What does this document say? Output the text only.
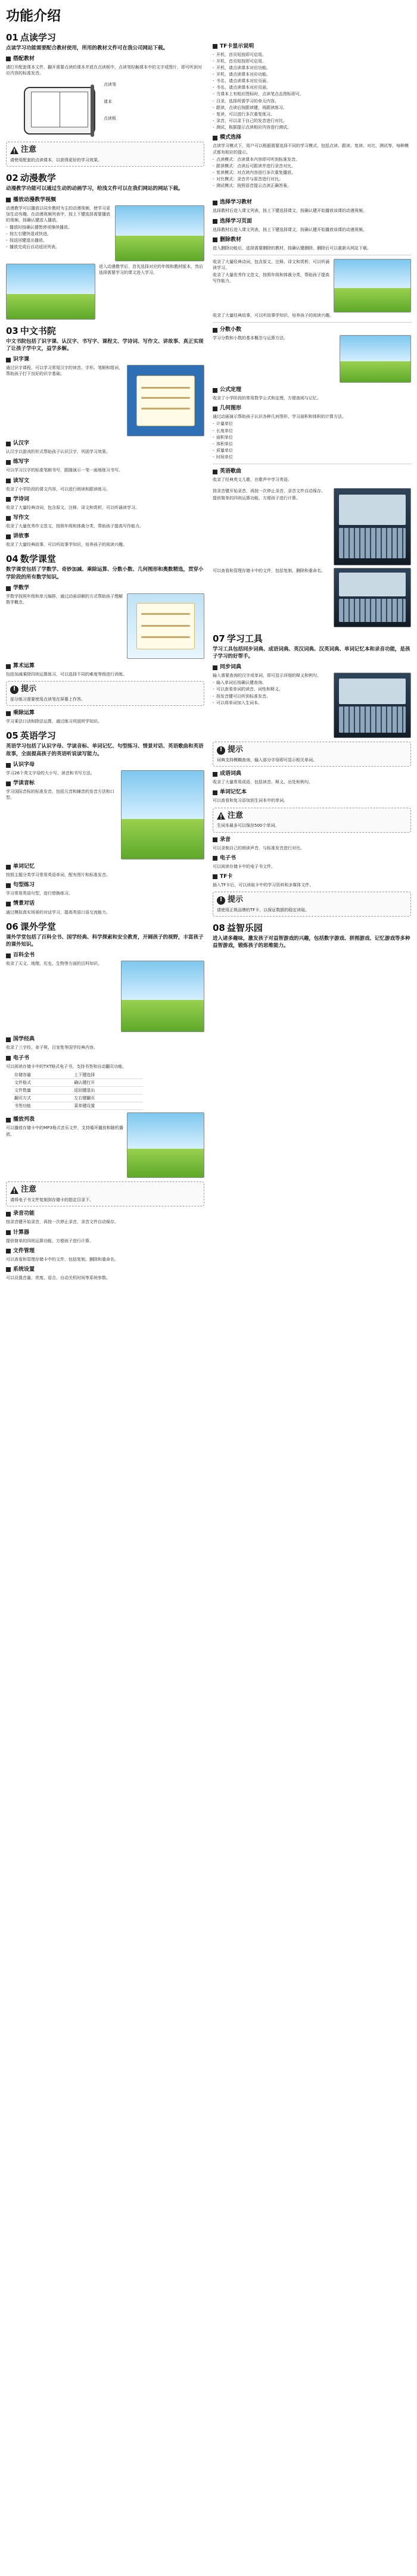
功能介绍
01 点读学习
点读学习功能需要配合教材使用，所用的教材文件可在我公司网站下载。
搭配教材

请打开配套课本文件，翻开需要点读的课本并放在点读板中，点读笔轻触课本中的文字或图片，即可听到对应内容的标准发音。

点读笔
课本
点读板
注意

请使用配套的点读课本，以获得更好的学习效果。

02 动漫教学
动漫教学功能可以通过生动的动画学习，给浅文件可以在我们网站的网站下载。
播放动漫教学视频

动漫教学可以播放以同步教材为主的动漫视频，使学习更加生动有趣。在动漫视频列表中，按上下键选择需要播放的视频，按确认键进入播放。

- 播放时按确认键暂停或继续播放。
- 按左右键快退或快进。
- 按返回键退出播放。
- 播放完成后自动返回列表。

进入动漫教学后，首先选择对应的年级和教材版本，然后选择需要学习的课文进入学习。

03 中文书院
中文书院包括了识字课、认汉字、书写字、课程文、学诗词、写作文、讲故事、真正实现了让孩子学中文，益学多解。
识字课

通过识字课程，可以学习常用汉字的读音、字形、笔顺和组词，帮助孩子打下良好的识字基础。

认汉字

认汉字以游戏的形式帮助孩子认识汉字，巩固学习效果。

练写字

可以学习汉字的标准笔顺书写，跟随演示一笔一画地练习书写。

读写文

收录了小学阶段的课文内容，可以进行朗读和跟读练习。

学诗词

收录了大量经典诗词，包含原文、注释、译文和赏析，可以听诵读学习。

写作文

收录了大量优秀作文范文，按照年级和体裁分类，帮助孩子提高写作能力。

讲故事

收录了大量经典故事，可以听故事学知识，培养孩子的阅读兴趣。

04 数学课堂
数学课堂包括了学数学、奇妙加减、乘除运算、分数小数、几何图形和奥数精选，贯穿小学阶段的所有数学知识。
学数学

学数学按照年级和单元编排，通过动画讲解的方式帮助孩子理解数学概念。

算术运算

包括加减乘除四则运算练习，可以选择不同的难度等级进行训练。

! 提示

部分练习需要使用点读笔在屏幕上作答。

乘除运算

学习乘法口诀和除法运算，通过练习巩固所学知识。

05 英语学习
英语学习包括了认识字母、学读音标、单词记忆、句型练习、情景对话、英语歌曲和英语故事，全面提高孩子的英语听说读写能力。
认识字母

学习26个英文字母的大小写、读音和书写方法。

学读音标

学习国际音标的标准发音，包括元音和辅音的发音方法和口型。

单词记忆

按照主题分类学习常用英语单词，配有图片和标准发音。

句型练习

学习常用英语句型，进行替换练习。

情景对话

通过模拟真实场景的对话学习，提高英语口语交流能力。

06 课外学堂
课外学堂包括了百科全书、国学经典、科学探索和安全教育，开阔孩子的视野，丰富孩子的课外知识。
百科全书

收录了天文、地理、历史、生物等方面的百科知识。

国学经典

收录了三字经、弟子规、百家姓等国学经典内容。

电子书

可以阅读存储卡中的TXT格式电子书，支持书签和自动翻页功能。

存储容量	上下键选择
文件格式	确认键打开
文件数量	返回键退出
翻页方式	左右键翻页
书签功能	菜单键设置
播放列表

可以播放存储卡中的MP3格式音乐文件，支持循环播放和随机播放。

注意

请将电子书文件复制到存储卡的指定目录下。

录音功能

按录音键开始录音，再按一次停止录音，录音文件自动保存。

计算器

提供简单的四则运算功能，方便孩子进行计算。

文件管理

可以查看和管理存储卡中的文件，包括复制、删除和重命名。

系统设置

可以设置音量、亮度、语言、自动关机时间等系统参数。

TF卡显示说明
- 开机，首页短按即可启用。
- 开机，首页短按即可启用。
- 开机，请点读课本对应功能。
- 开机，请点读课本对应功能。
- 书名，请点读课本对应页面。
- 书名，请点读课本对应页面。
- 当课本上有相应图标时，点读笔点击图标即可。
- 目录，选择所需学习的单元内容。
- 跟读，点读后按跟读键，再跟读练习。
- 复读，可以进行多次重复练习。
- 录音，可以录下自己的发音进行对比。
- 测试，根据提示点读相应内容进行测试。
模式选择

点读学习模式下，用户可以根据需要选择不同的学习模式，包括点读、跟读、复读、对比、测试等，每种模式都有相应的提示。

- 点读模式：点读课本内容即可听到标准发音。
- 跟读模式：点读后可跟读并进行录音对比。
- 复读模式：对点读内容进行多次重复播放。
- 对比模式：录音并与原音进行对比。
- 测试模式：按照语音提示点读正确答案。
选择学习教材

选择教材后进入课文列表，按上下键选择课文，按确认键开始播放该课的动漫视频。

选择学习页面

选择教材后进入课文列表，按上下键选择课文，按确认键开始播放该课的动漫视频。

删除教材

进入删除功能后，选择需要删除的教材，按确认键删除。删除后可以重新从网站下载。

收录了大量经典诗词，包含原文、注释、译文和赏析，可以听诵读学习。

收录了大量优秀作文范文，按照年级和体裁分类，帮助孩子提高写作能力。

收录了大量经典故事，可以听故事学知识，培养孩子的阅读兴趣。

分数小数

学习分数和小数的基本概念与运算方法。

公式定理

收录了小学阶段的常用数学公式和定理，方便查阅与记忆。

几何图形

通过动画演示帮助孩子认识各种几何图形，学习面积和体积的计算方法。

- 计量单位
- 长度单位
- 面积单位
- 体积单位
- 质量单位
- 时间单位
英语歌曲

收录了经典英文儿歌，在歌声中学习英语。

按录音键开始录音，再按一次停止录音，录音文件自动保存。

提供简单的四则运算功能，方便孩子进行计算。

可以查看和管理存储卡中的文件，包括复制、删除和重命名。

07 学习工具
学习工具包括同步词典、成语词典、英汉词典、汉英词典、单词记忆本和录音功能，是孩子学习的好帮手。
同步词典

输入需要查询的汉字或单词，即可显示详细的释义和例句。

- 输入单词后按确认键查询。
- 可以查看单词的读音、词性和释义。
- 按发音键可以听到标准发音。
- 可以将单词加入生词本。
! 提示

词典支持模糊查询，输入部分字母即可显示相关单词。

成语词典

收录了大量常用成语，包括读音、释义、出处和例句。

单词记忆本

可以查看和复习添加到生词本中的单词。

注意

生词本最多可以保存500个单词。

录音

可以录制自己的朗读声音，与标准发音进行对比。

电子书

可以阅读存储卡中的电子书文件。

TF卡

插入TF卡后，可以读取卡中的学习资料和多媒体文件。

! 提示

请使用正规品牌的TF卡，以保证数据的稳定读取。

08 益智乐园
进入诸多趣味，激发孩子对益智游戏的兴趣，包括数字游戏、拼图游戏、记忆游戏等多种益智游戏，锻炼孩子的思维能力。
